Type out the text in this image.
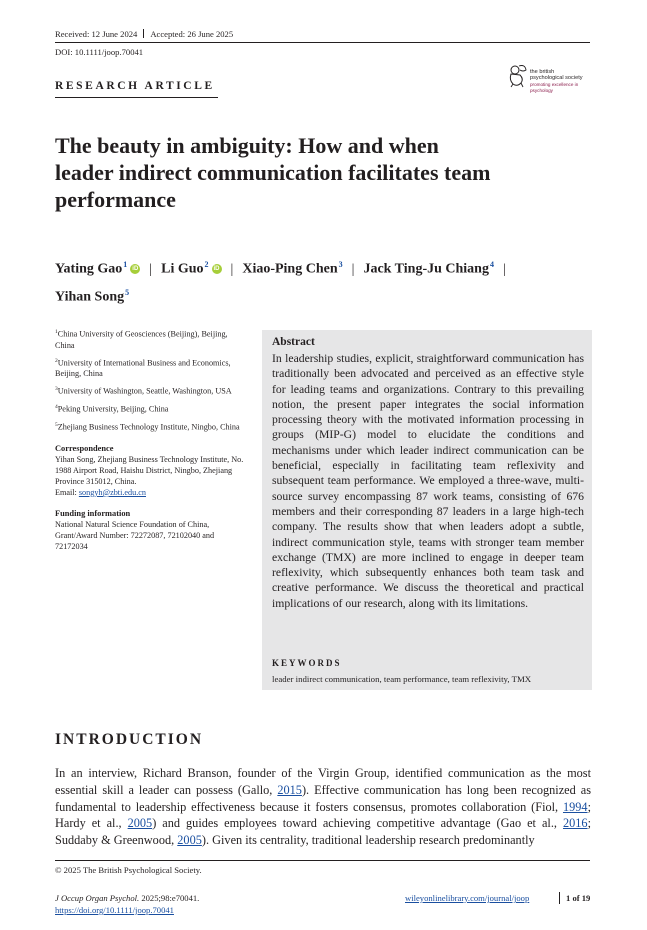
Received: 12 June 2024 Accepted: 26 June 2025
DOI: 10.1111/joop.70041
RESEARCH ARTICLE
the british
psychological society
promoting excellence in psychology
The beauty in ambiguity: How and when leader indirect communication facilitates team performance
Yating Gao$^1$ iD | Li Guo$^2$ iD | Xiao-Ping Chen$^3$ | Jack Ting-Ju Chiang$^4$ |
Yihan Song$^5$
$^1$China University of Geosciences (Beijing), Beijing, China
$^2$University of International Business and Economics, Beijing, China
$^3$University of Washington, Seattle, Washington, USA
$^4$Peking University, Beijing, China
$^5$Zhejiang Business Technology Institute, Ningbo, China
Correspondence
Yihan Song, Zhejiang Business Technology Institute, No. 1988 Airport Road, Haishu District, Ningbo, Zhejiang Province 315012, China.
Email: songyh@zbti.edu.cn
Funding information
National Natural Science Foundation of China, Grant/Award Number: 72272087, 72102040 and 72172034
Abstract
In leadership studies, explicit, straightforward communication has traditionally been advocated and perceived as an effective style for leading teams and organizations. Contrary to this prevailing notion, the present paper integrates the social information processing theory with the motivated information processing in groups (MIP-G) model to elucidate the conditions and mechanisms under which leader indirect communication can be beneficial, especially in facilitating team reflexivity and subsequent team performance. We employed a three-wave, multi-source survey encompassing 87 work teams, consisting of 676 members and their corresponding 87 leaders in a large high-tech company. The results show that when leaders adopt a subtle, indirect communication style, teams with stronger team member exchange (TMX) are more inclined to engage in deeper team reflexivity, which subsequently enhances both team task and creative performance. We discuss the theoretical and practical implications of our research, along with its limitations.
KEYWORDS
leader indirect communication, team performance, team reflexivity, TMX
INTRODUCTION
In an interview, Richard Branson, founder of the Virgin Group, identified communication as the most essential skill a leader can possess (Gallo, 2015). Effective communication has long been recognized as fundamental to leadership effectiveness because it fosters consensus, promotes collaboration (Fiol, 1994; Hardy et al., 2005) and guides employees toward achieving competitive advantage (Gao et al., 2016; Suddaby & Greenwood, 2005). Given its centrality, traditional leadership research predominantly
© 2025 The British Psychological Society.
J Occup Organ Psychol. 2025;98:e70041.
https://doi.org/10.1111/joop.70041
wileyonlinelibrary.com/journal/joop	1 of 19
